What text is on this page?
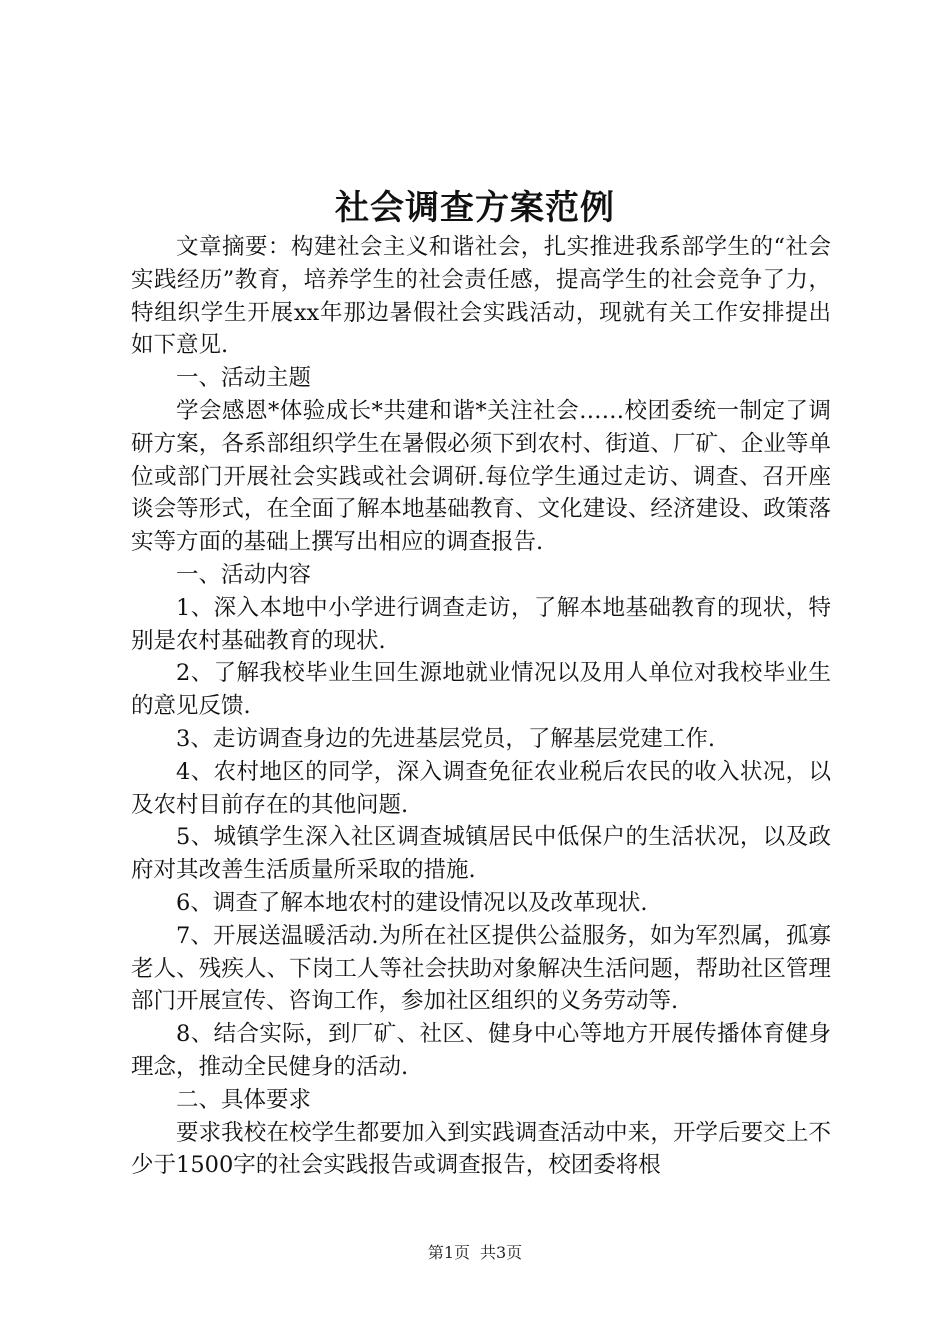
社会调查方案范例

文章摘要：构建社会主义和谐社会，扎实推进我系部学生的“社会实践经历”教育，培养学生的社会责任感，提高学生的社会竞争了力，特组织学生开展xx年那边暑假社会实践活动，现就有关工作安排提出如下意见.

一、活动主题

学会感恩*体验成长*共建和谐*关注社会……校团委统一制定了调研方案，各系部组织学生在暑假必须下到农村、街道、厂矿、企业等单位或部门开展社会实践或社会调研.每位学生通过走访、调查、召开座谈会等形式，在全面了解本地基础教育、文化建设、经济建设、政策落实等方面的基础上撰写出相应的调查报告.

一、活动内容

1、深入本地中小学进行调查走访，了解本地基础教育的现状，特别是农村基础教育的现状.

2、了解我校毕业生回生源地就业情况以及用人单位对我校毕业生的意见反馈.

3、走访调查身边的先进基层党员，了解基层党建工作.

4、农村地区的同学，深入调查免征农业税后农民的收入状况，以及农村目前存在的其他问题.

5、城镇学生深入社区调查城镇居民中低保户的生活状况，以及政府对其改善生活质量所采取的措施.

6、调查了解本地农村的建设情况以及改革现状.

7、开展送温暖活动.为所在社区提供公益服务，如为军烈属，孤寡老人、残疾人、下岗工人等社会扶助对象解决生活问题，帮助社区管理部门开展宣传、咨询工作，参加社区组织的义务劳动等.

8、结合实际，到厂矿、社区、健身中心等地方开展传播体育健身理念，推动全民健身的活动.

二、具体要求

要求我校在校学生都要加入到实践调查活动中来，开学后要交上不少于1500字的社会实践报告或调查报告，校团委将根

第1页 共3页
